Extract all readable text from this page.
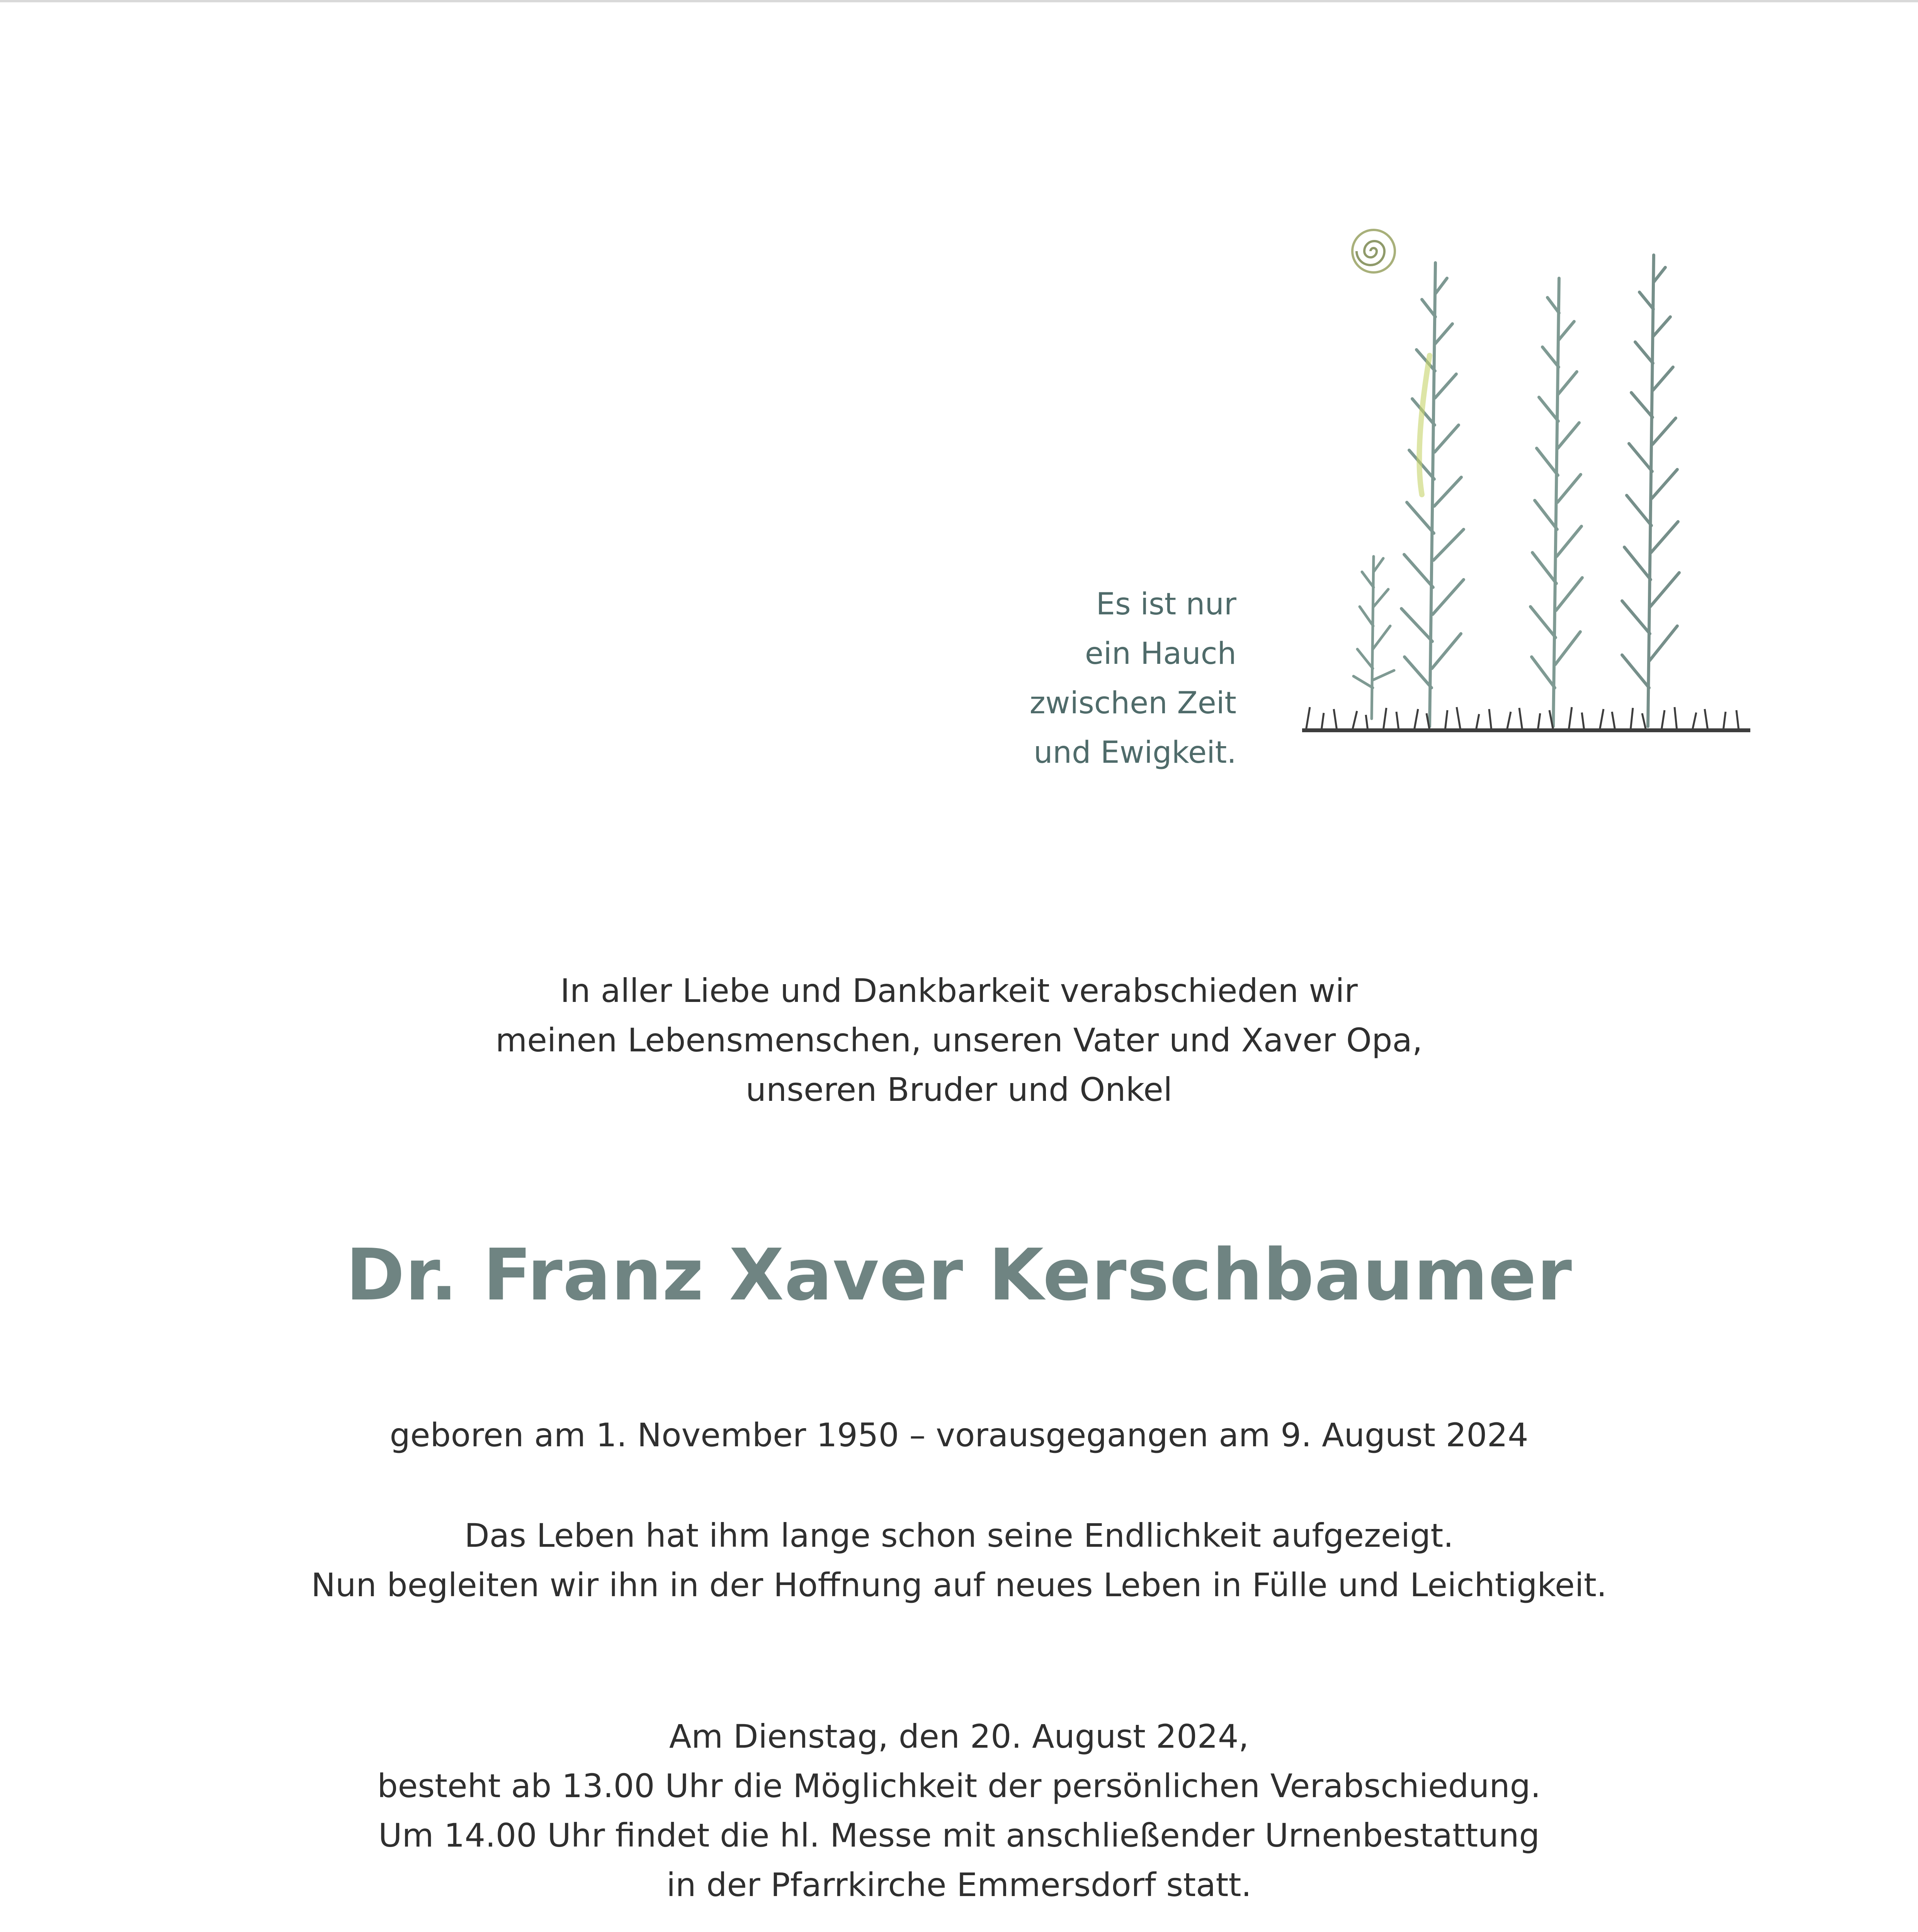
Es ist nur
ein Hauch
zwischen Zeit
und Ewigkeit.
In aller Liebe und Dankbarkeit verabschieden wir
meinen Lebensmenschen, unseren Vater und Xaver Opa,
unseren Bruder und Onkel
Dr. Franz Xaver Kerschbaumer
geboren am 1. November 1950 – vorausgegangen am 9. August 2024
Das Leben hat ihm lange schon seine Endlichkeit aufgezeigt.
Nun begleiten wir ihn in der Hoffnung auf neues Leben in Fülle und Leichtigkeit.
Am Dienstag, den 20. August 2024,
besteht ab 13.00 Uhr die Möglichkeit der persönlichen Verabschiedung.
Um 14.00 Uhr findet die hl. Messe mit anschließender Urnenbestattung
in der Pfarrkirche Emmersdorf statt.
